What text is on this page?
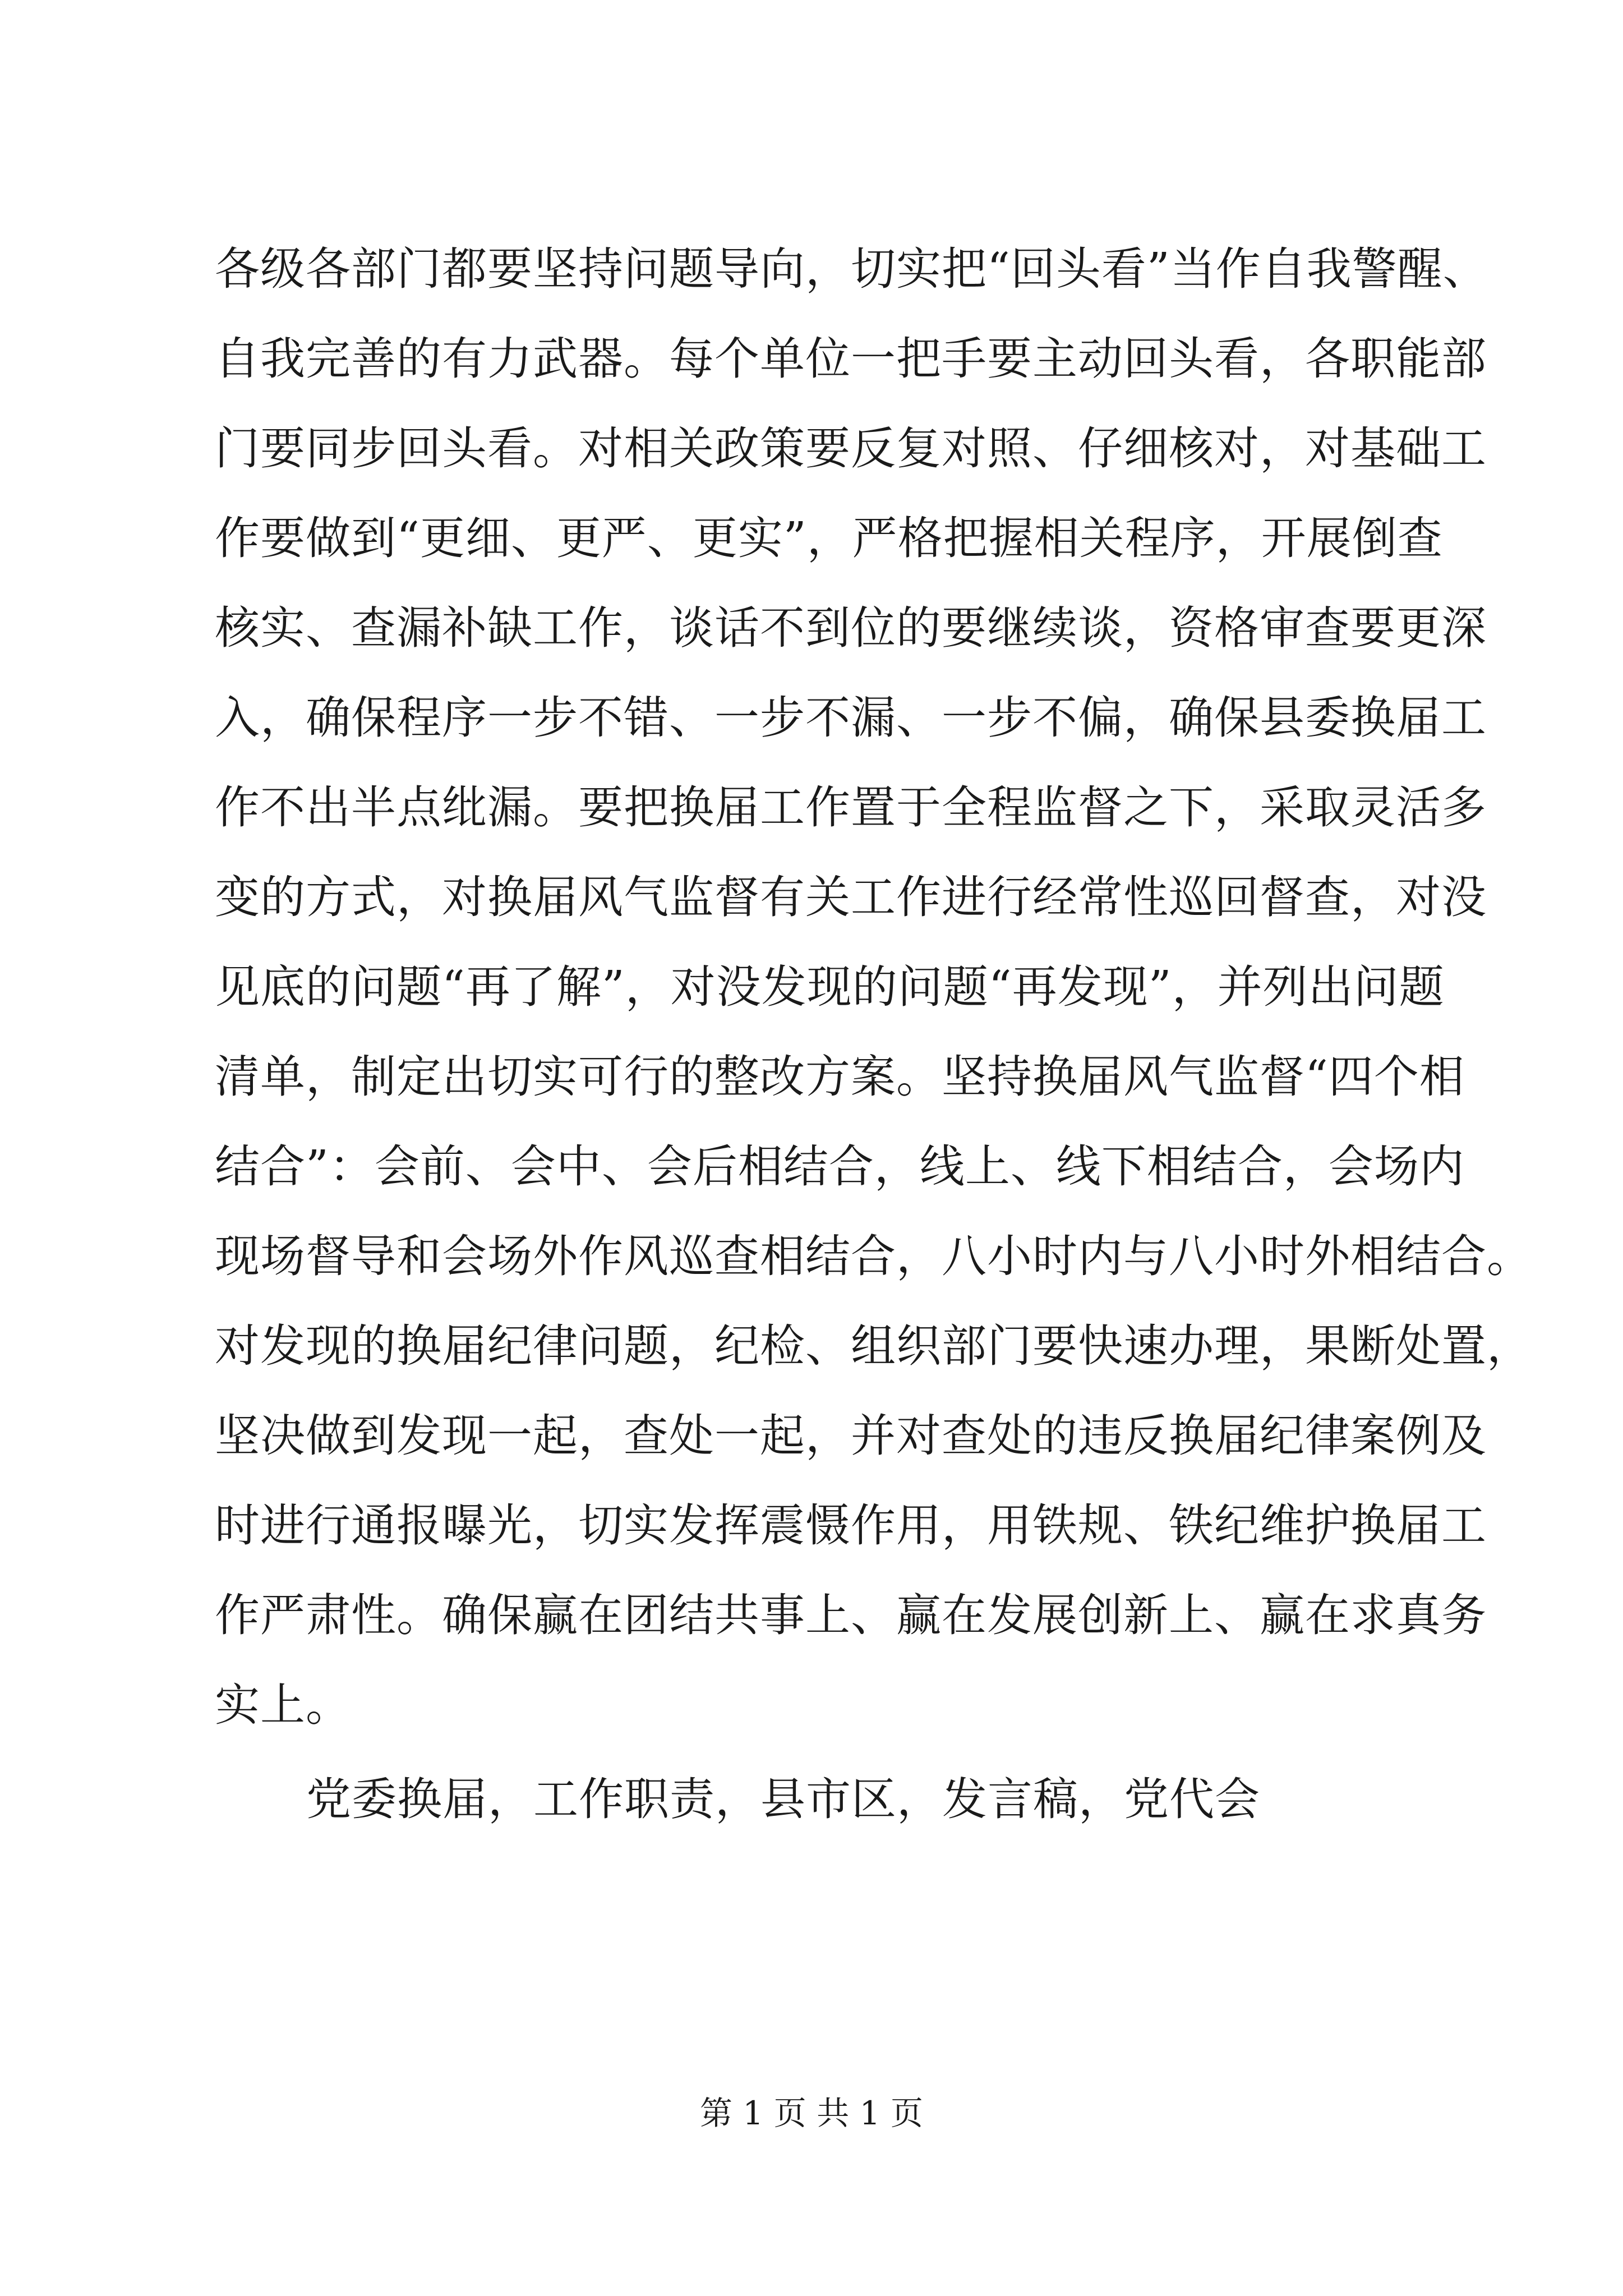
各级各部门都要坚持问题导向，切实把“回头看”当作自我警醒、
自我完善的有力武器。每个单位一把手要主动回头看，各职能部
门要同步回头看。对相关政策要反复对照、仔细核对，对基础工
作要做到“更细、更严、更实”，严格把握相关程序，开展倒查
核实、查漏补缺工作，谈话不到位的要继续谈，资格审查要更深
入，确保程序一步不错、一步不漏、一步不偏，确保县委换届工
作不出半点纰漏。要把换届工作置于全程监督之下，采取灵活多
变的方式，对换届风气监督有关工作进行经常性巡回督查，对没
见底的问题“再了解”，对没发现的问题“再发现”，并列出问题
清单，制定出切实可行的整改方案。坚持换届风气监督“四个相
结合”：会前、会中、会后相结合，线上、线下相结合，会场内
现场督导和会场外作风巡查相结合，八小时内与八小时外相结合。
对发现的换届纪律问题，纪检、组织部门要快速办理，果断处置，
坚决做到发现一起，查处一起，并对查处的违反换届纪律案例及
时进行通报曝光，切实发挥震慑作用，用铁规、铁纪维护换届工
作严肃性。确保赢在团结共事上、赢在发展创新上、赢在求真务
实上。
党委换届，工作职责，县市区，发言稿，党代会
第 1 页 共 1 页
